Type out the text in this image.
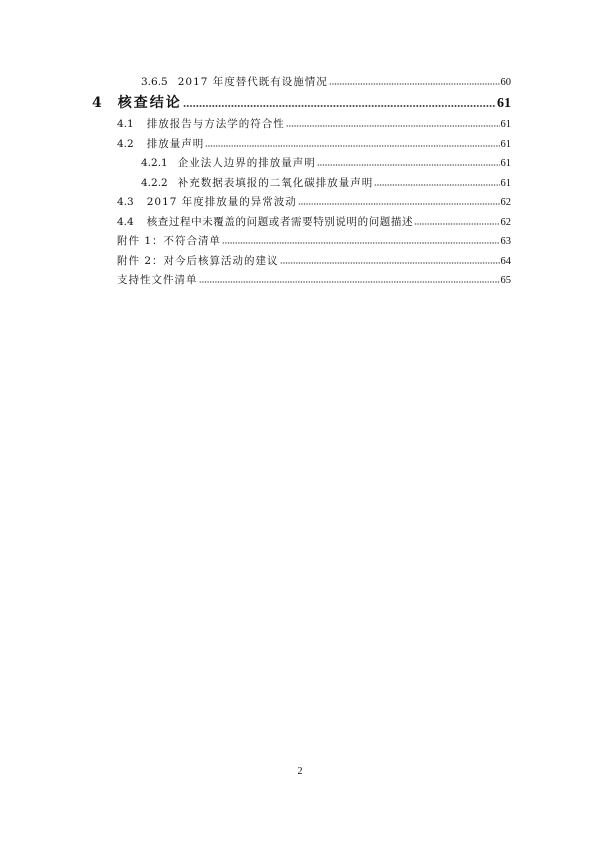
3.6.5 2017 年度替代既有设施情况	60
4 核查结论	61
4.1 排放报告与方法学的符合性	61
4.2 排放量声明	61
4.2.1 企业法人边界的排放量声明	61
4.2.2 补充数据表填报的二氧化碳排放量声明	61
4.3 2017 年度排放量的异常波动	62
4.4 核查过程中未覆盖的问题或者需要特别说明的问题描述	62
附件 1：不符合清单	63
附件 2：对今后核算活动的建议	64
支持性文件清单	65
2
